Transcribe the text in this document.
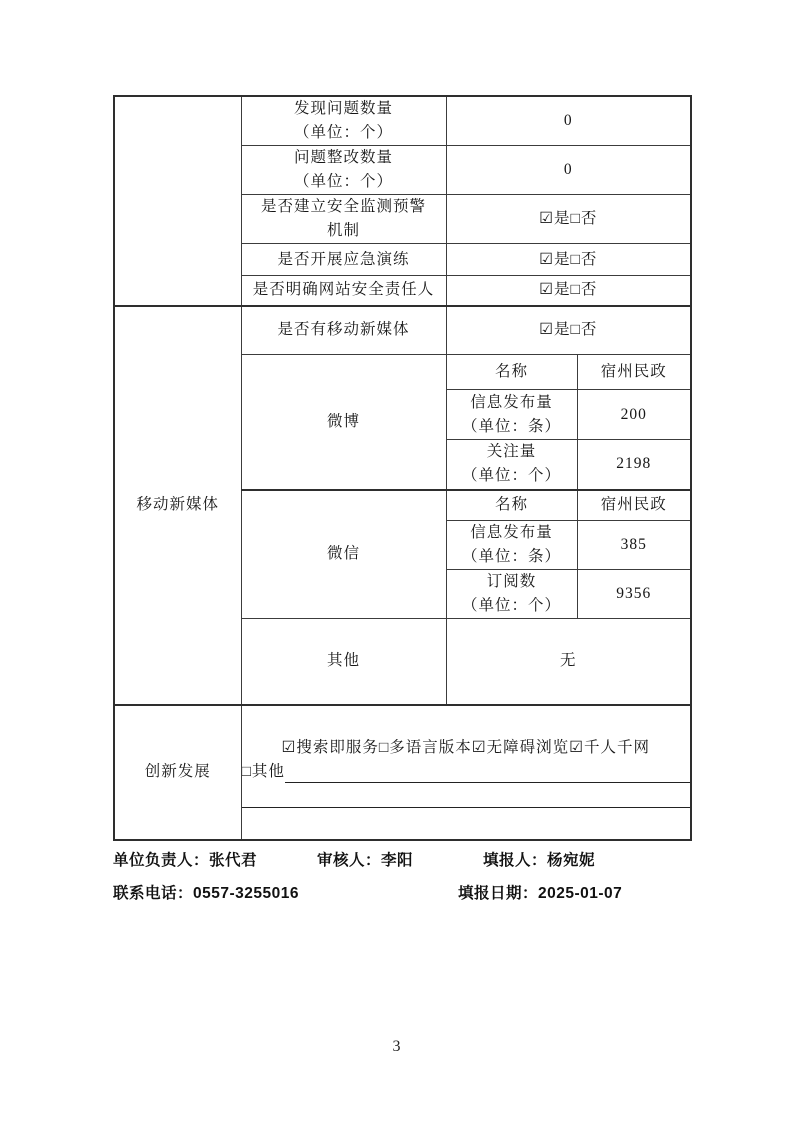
	发现问题数量
（单位：个）	0	

	问题整改数量
（单位：个）	0	

	是否建立安全监测预警
机制	☑是□否	
	是否开展应急演练	☑是□否	
	是否明确网站安全责任人	☑是□否	
移动新媒体	是否有移动新媒体	☑是□否	
	微博	名称	宿州民政

		信息发布量
（单位：条）	200

		关注量
（单位：个）	2198
	微信	名称	宿州民政

		信息发布量
（单位：条）	385

		订阅数
（单位：个）	9356
	其他	无	
创新发展	☑搜索即服务□多语言版本☑无障碍浏览☑千人千网
□其他		
单位负责人：张代君	审核人：李阳	填报人：杨宛妮
联系电话：0557-3255016	填报日期：2025-01-07
3
